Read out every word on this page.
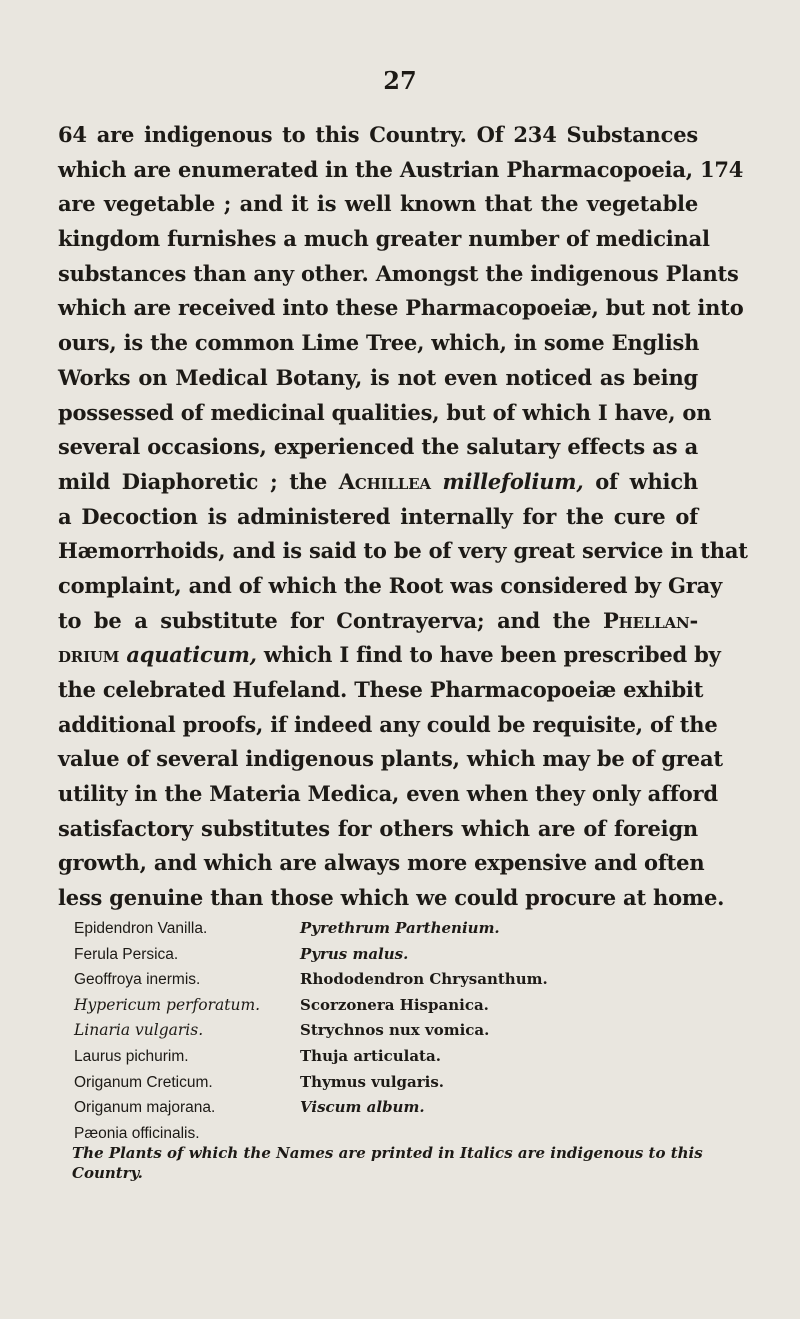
27
64 are indigenous to this Country. Of 234 Substances
which are enumerated in the Austrian Pharmacopoeia, 174
are vegetable ; and it is well known that the vegetable
kingdom furnishes a much greater number of medicinal
substances than any other. Amongst the indigenous Plants
which are received into these Pharmacopoeiæ, but not into
ours, is the common Lime Tree, which, in some English
Works on Medical Botany, is not even noticed as being
possessed of medicinal qualities, but of which I have, on
several occasions, experienced the salutary effects as a
mild Diaphoretic ; the Achillea millefolium, of which
a Decoction is administered internally for the cure of
Hæmorrhoids, and is said to be of very great service in that
complaint, and of which the Root was considered by Gray
to be a substitute for Contrayerva; and the Phellan-
drium aquaticum, which I find to have been prescribed by
the celebrated Hufeland. These Pharmacopoeiæ exhibit
additional proofs, if indeed any could be requisite, of the
value of several indigenous plants, which may be of great
utility in the Materia Medica, even when they only afford
satisfactory substitutes for others which are of foreign
growth, and which are always more expensive and often
less genuine than those which we could procure at home.
Epidendron Vanilla.
Ferula Persica.
Geoffroya inermis.
Hypericum perforatum.
Linaria vulgaris.
Laurus pichurim.
Origanum Creticum.
Origanum majorana.
Pæonia officinalis.
Pyrethrum Parthenium.
Pyrus malus.
Rhododendron Chrysanthum.
Scorzonera Hispanica.
Strychnos nux vomica.
Thuja articulata.
Thymus vulgaris.
Viscum album.
The Plants of which the Names are printed in Italics are indigenous to this Country.
